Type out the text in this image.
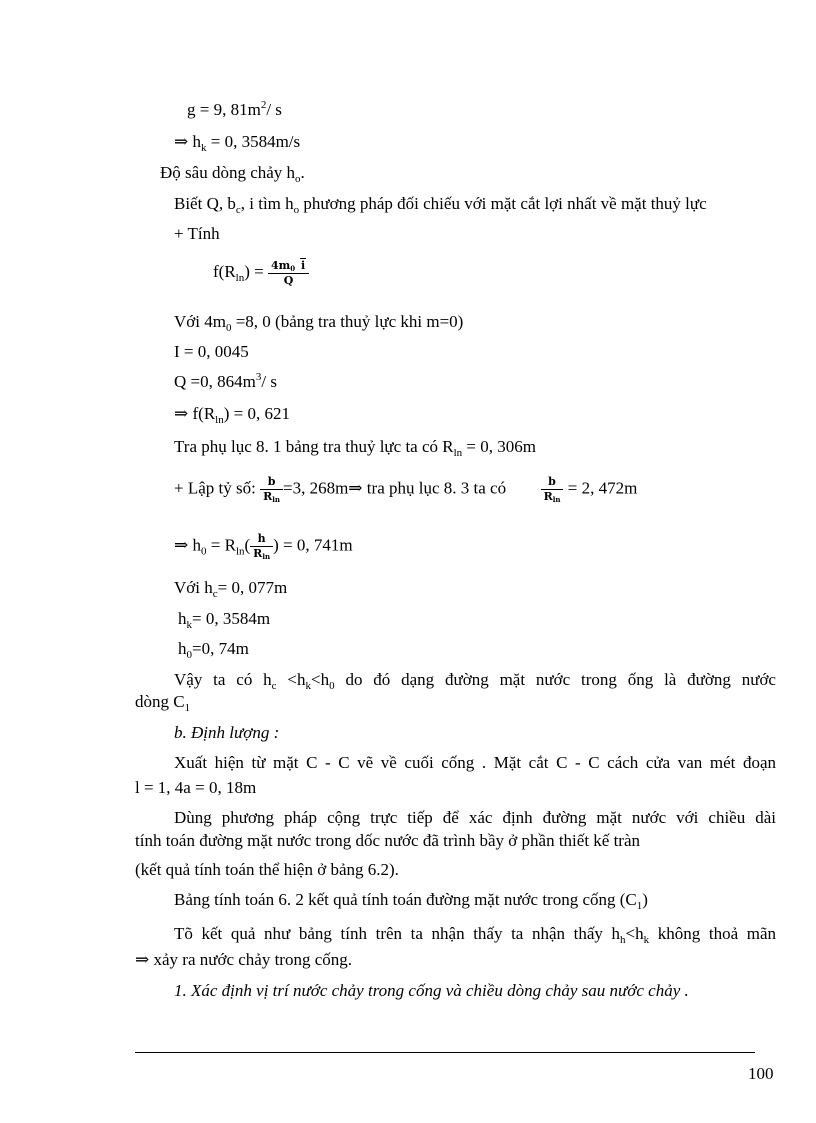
g = 9, $81m^2/$ s
⇒ $h_k = 0$, 3584m/s
Độ sâu dòng chảy $h_o$.
Biết Q, $b_c$, i tìm $h_o$ phương pháp đối chiếu với mặt cắt lợi nhất về mặt thuỷ lực
+ Tính
$f(R_{ln}) = \frac{4m_0 i}{Q}$
Với $4m_0 =8$, 0 (bảng tra thuỷ lực khi m=0)
I = 0, 0045
Q =0, $864m^3/$ s
⇒ $f(R_{ln}) = 0$, 621
Tra phụ lục 8. 1 bảng tra thuỷ lực ta có $R_{ln} = 0$, 306m
+ Lập tỷ số: $\frac{b}{R_{ln}} =3$, 268m⇒ tra phụ lục 8. 3 ta có	$\frac{b}{R_{ln}} = 2$, 472m
⇒ $h_0 = R_{ln}( \frac{h}{R_{ln}}$ ) = 0, 741m
Với $h_c= 0$, 077m
$h_k= 0$, 3584m
$h_0=0$, 74m
Vậy ta có $h_c <h_k<h_0$ do đó dạng đường mặt nước trong ống là đường nước
dòng $C_1$
b. Định lượng :
Xuất hiện từ mặt C - C vẽ về cuối cống . Mặt cắt C - C cách cửa van mét đoạn
l = 1, 4a = 0, 18m
Dùng phương pháp cộng trực tiếp để xác định đường mặt nước với chiều dài
tính toán đường mặt nước trong dốc nước đã trình bầy ở phần thiết kế tràn
(kết quả tính toán thể hiện ở bảng 6.2).
Bảng tính toán 6. 2 kết quả tính toán đường mặt nước trong cống $(C_1)$
Tõ kết quả như bảng tính trên ta nhận thấy ta nhận thấy $h_h<h_k$ không thoả mãn
⇒ xảy ra nước chảy trong cống.
1. Xác định vị trí nước chảy trong cống và chiều dòng chảy sau nước chảy .
100
